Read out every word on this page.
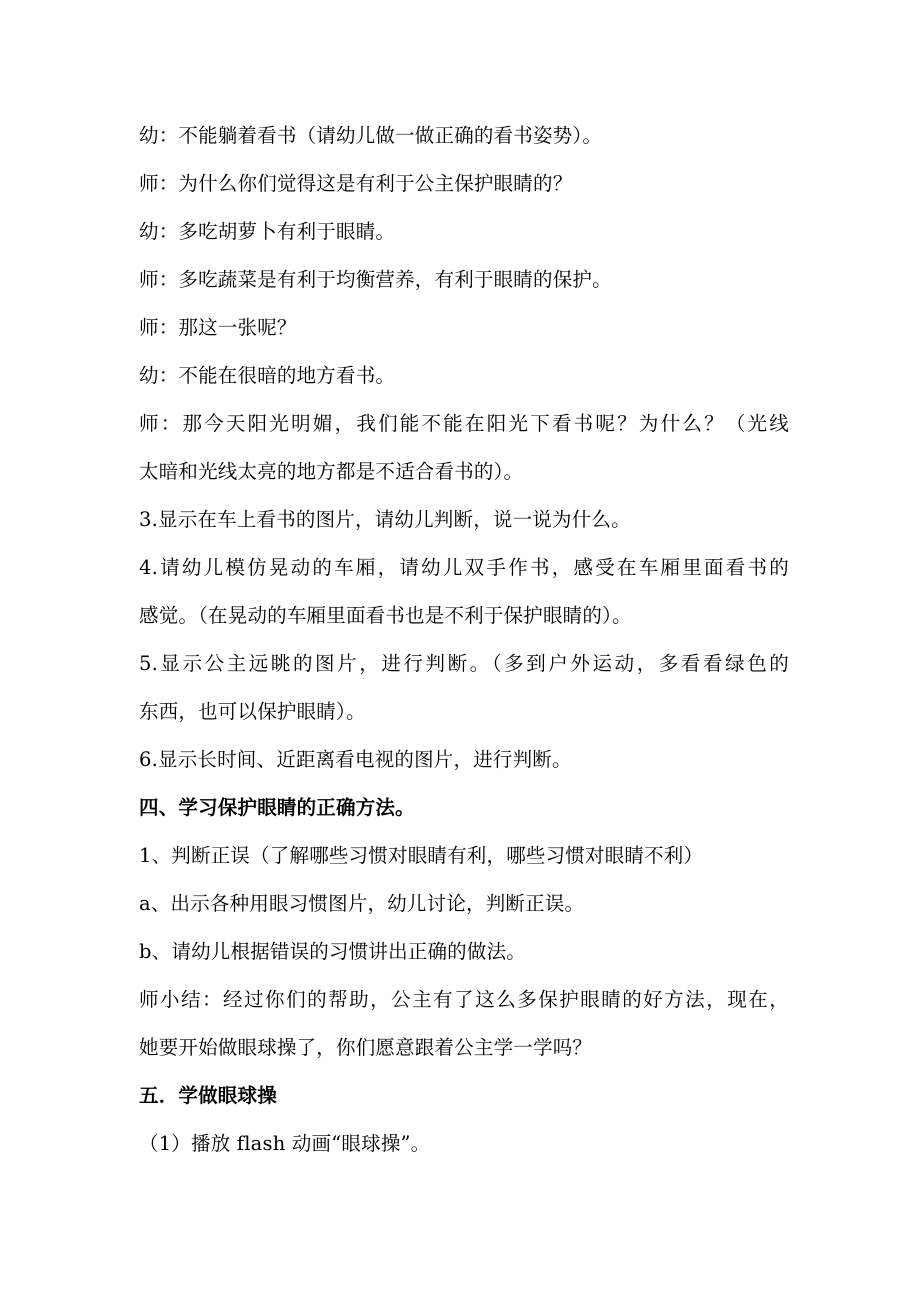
幼：不能躺着看书（请幼儿做一做正确的看书姿势）。
师：为什么你们觉得这是有利于公主保护眼睛的？
幼：多吃胡萝卜有利于眼睛。
师：多吃蔬菜是有利于均衡营养，有利于眼睛的保护。
师：那这一张呢？
幼：不能在很暗的地方看书。
师：那今天阳光明媚，我们能不能在阳光下看书呢？为什么？（光线
太暗和光线太亮的地方都是不适合看书的）。
3.显示在车上看书的图片，请幼儿判断，说一说为什么。
4.请幼儿模仿晃动的车厢，请幼儿双手作书，感受在车厢里面看书的
感觉。（在晃动的车厢里面看书也是不利于保护眼睛的）。
5.显示公主远眺的图片，进行判断。（多到户外运动，多看看绿色的
东西，也可以保护眼睛）。
6.显示长时间、近距离看电视的图片，进行判断。
四、学习保护眼睛的正确方法。
1、判断正误（了解哪些习惯对眼睛有利，哪些习惯对眼睛不利）
a、出示各种用眼习惯图片，幼儿讨论，判断正误。
b、请幼儿根据错误的习惯讲出正确的做法。
师小结：经过你们的帮助，公主有了这么多保护眼睛的好方法，现在，
她要开始做眼球操了，你们愿意跟着公主学一学吗？
五．学做眼球操
（1）播放 flash 动画“眼球操”。
